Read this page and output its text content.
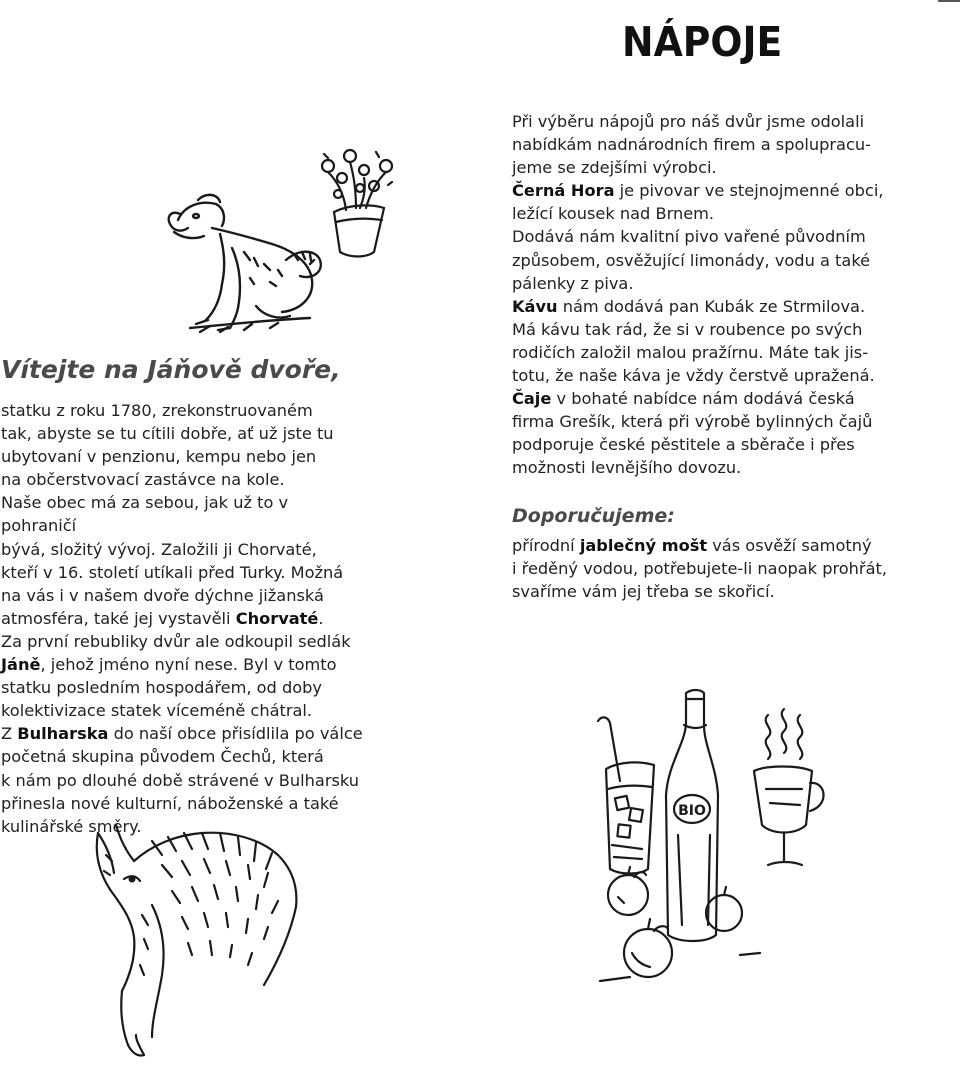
NÁPOJE
Vítejte na Jáňově dvoře,

statku z roku 1780, zrekonstruovaném

tak, abyste se tu cítili dobře, ať už jste tu

ubytovaní v penzionu, kempu nebo jen

na občerstvovací zastávce na kole.

Naše obec má za sebou, jak už to v pohraničí

bývá, složitý vývoj. Založili ji Chorvaté,

kteří v 16. století utíkali před Turky. Možná

na vás i v našem dvoře dýchne jižanská

atmosféra, také jej vystavěli Chorvaté.

Za první rebubliky dvůr ale odkoupil sedlák

Jáně, jehož jméno nyní nese. Byl v tomto

statku posledním hospodářem, od doby

kolektivizace statek víceméně chátral.

Z Bulharska do naší obce přisídlila po válce

početná skupina původem Čechů, která

k nám po dlouhé době strávené v Bulharsku

přinesla nové kulturní, náboženské a také

kulinářské směry.

Při výběru nápojů pro náš dvůr jsme odolali

nabídkám nadnárodních firem a spolupracu-

jeme se zdejšími výrobci.

Černá Hora je pivovar ve stejnojmenné obci,

ležící kousek nad Brnem.

Dodává nám kvalitní pivo vařené původním

způsobem, osvěžující limonády, vodu a také

pálenky z piva.

Kávu nám dodává pan Kubák ze Strmilova.

Má kávu tak rád, že si v roubence po svých

rodičích založil malou pražírnu. Máte tak jis-

totu, že naše káva je vždy čerstvě upražená.

Čaje v bohaté nabídce nám dodává česká

firma Grešík, která při výrobě bylinných čajů

podporuje české pěstitele a sběrače i přes

možnosti levnějšího dovozu.

Doporučujeme:

přírodní jablečný mošt vás osvěží samotný

i ředěný vodou, potřebujete-li naopak prohřát,

svaříme vám jej třeba se skořicí.

BIO
